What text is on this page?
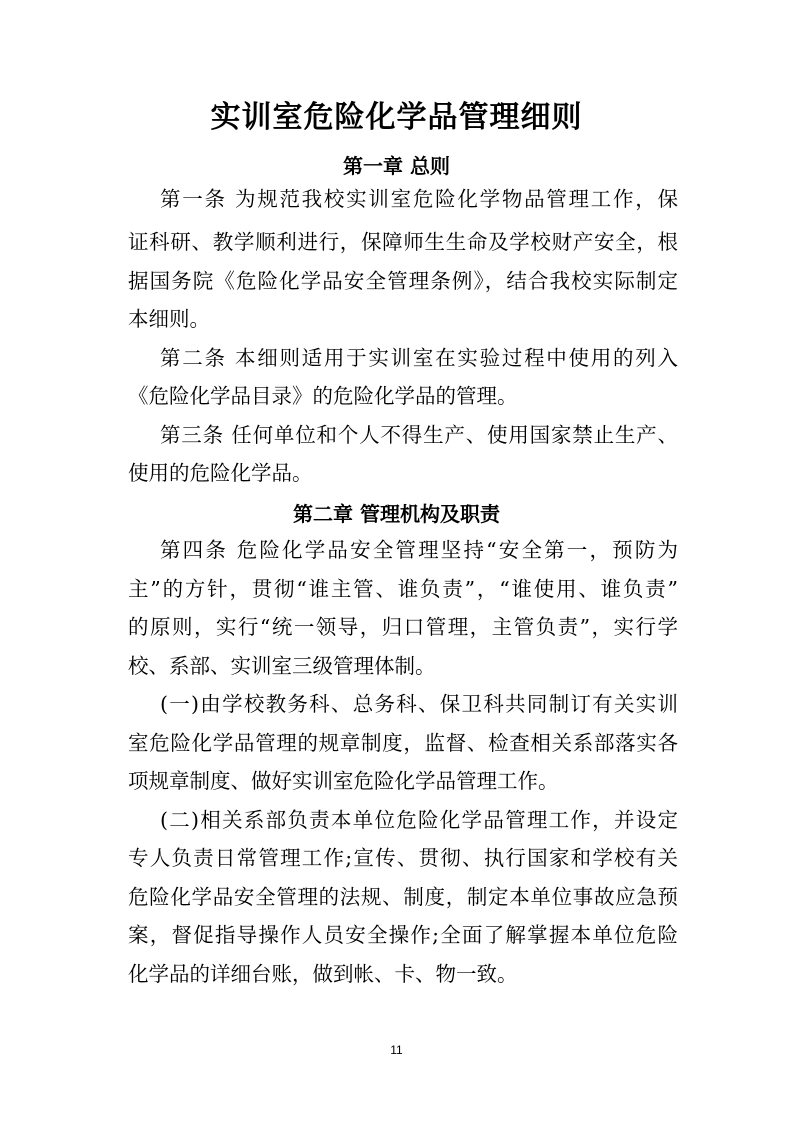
实训室危险化学品管理细则
第一章 总则
第一条 为规范我校实训室危险化学物品管理工作，保
证科研、教学顺利进行，保障师生生命及学校财产安全，根
据国务院《危险化学品安全管理条例》，结合我校实际制定
本细则。
第二条 本细则适用于实训室在实验过程中使用的列入
《危险化学品目录》的危险化学品的管理。
第三条 任何单位和个人不得生产、使用国家禁止生产、
使用的危险化学品。
第二章 管理机构及职责
第四条 危险化学品安全管理坚持“安全第一，预防为
主”的方针，贯彻“谁主管、谁负责”，“谁使用、谁负责”
的原则，实行“统一领导，归口管理，主管负责”，实行学
校、系部、实训室三级管理体制。
(一)由学校教务科、总务科、保卫科共同制订有关实训
室危险化学品管理的规章制度，监督、检查相关系部落实各
项规章制度、做好实训室危险化学品管理工作。
(二)相关系部负责本单位危险化学品管理工作，并设定
专人负责日常管理工作;宣传、贯彻、执行国家和学校有关
危险化学品安全管理的法规、制度，制定本单位事故应急预
案，督促指导操作人员安全操作;全面了解掌握本单位危险
化学品的详细台账，做到帐、卡、物一致。
11
